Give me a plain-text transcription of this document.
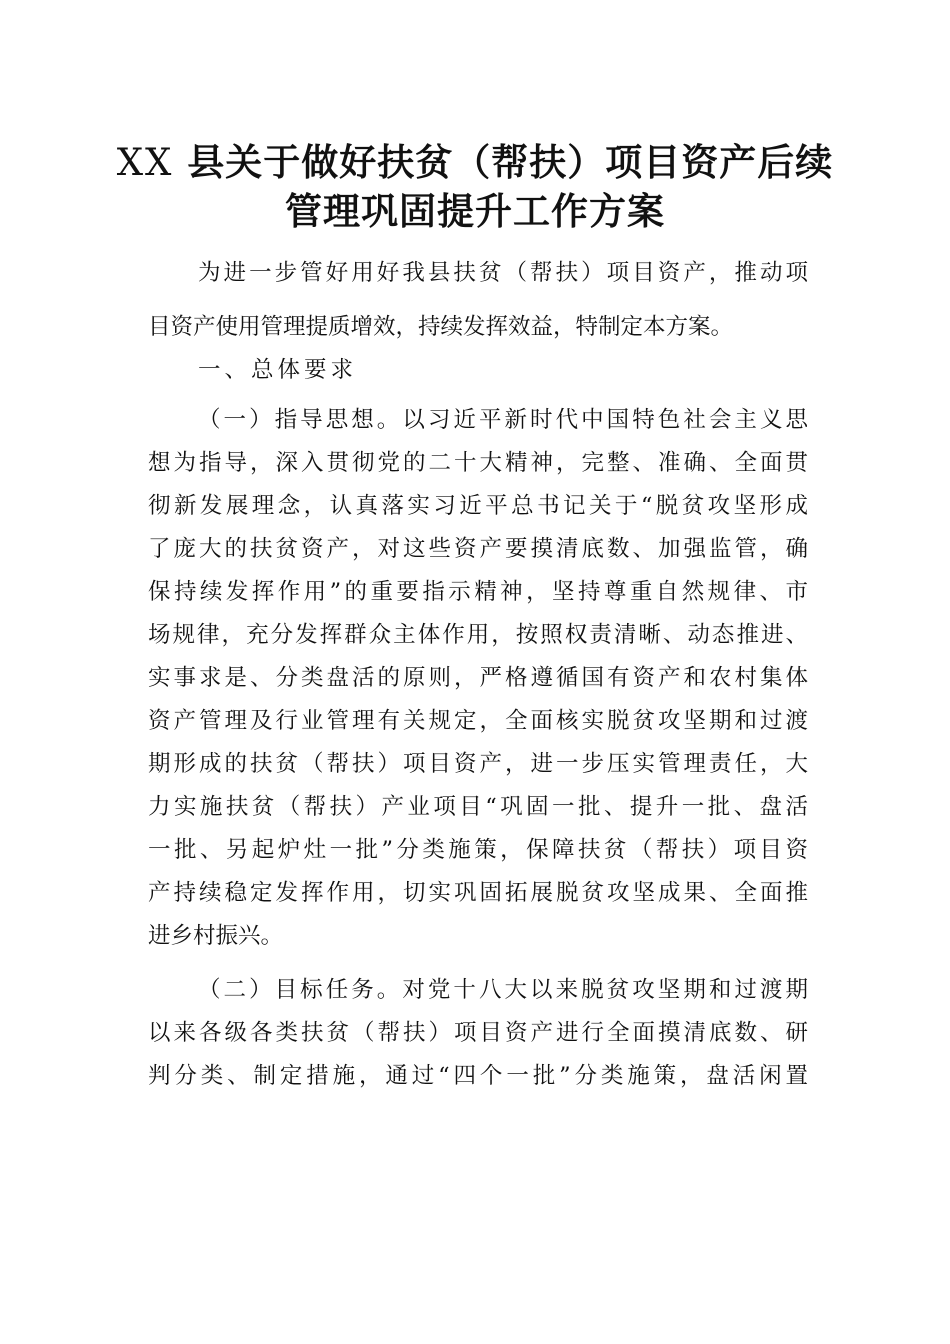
XX 县关于做好扶贫（帮扶）项目资产后续
管理巩固提升工作方案
为进一步管好用好我县扶贫（帮扶）项目资产，推动项
目资产使用管理提质增效，持续发挥效益，特制定本方案。
一、总体要求
（一）指导思想。以习近平新时代中国特色社会主义思
想为指导，深入贯彻党的二十大精神，完整、准确、全面贯
彻新发展理念，认真落实习近平总书记关于“脱贫攻坚形成
了庞大的扶贫资产，对这些资产要摸清底数、加强监管，确
保持续发挥作用”的重要指示精神，坚持尊重自然规律、市
场规律，充分发挥群众主体作用，按照权责清晰、动态推进、
实事求是、分类盘活的原则，严格遵循国有资产和农村集体
资产管理及行业管理有关规定，全面核实脱贫攻坚期和过渡
期形成的扶贫（帮扶）项目资产，进一步压实管理责任，大
力实施扶贫（帮扶）产业项目“巩固一批、提升一批、盘活
一批、另起炉灶一批”分类施策，保障扶贫（帮扶）项目资
产持续稳定发挥作用，切实巩固拓展脱贫攻坚成果、全面推
进乡村振兴。
（二）目标任务。对党十八大以来脱贫攻坚期和过渡期
以来各级各类扶贫（帮扶）项目资产进行全面摸清底数、研
判分类、制定措施，通过“四个一批”分类施策，盘活闲置
